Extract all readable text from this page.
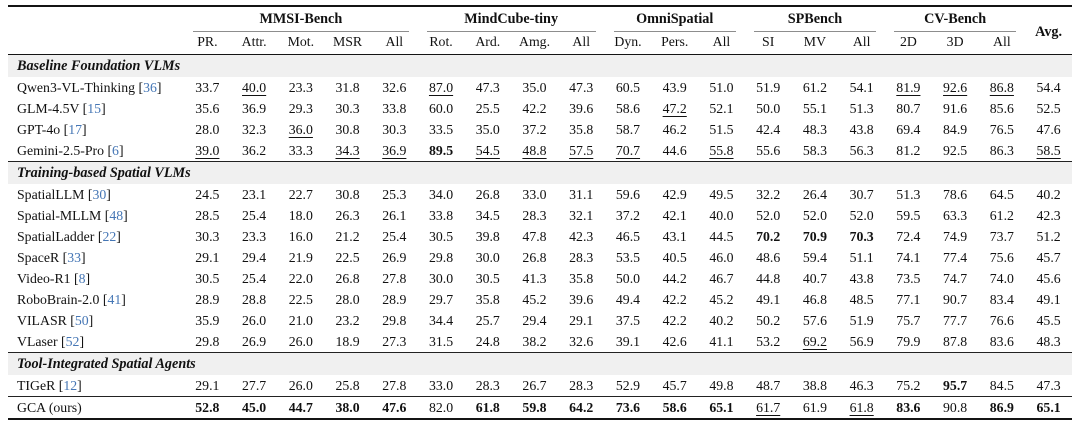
	MMSI-Bench					MindCube-tiny				OmniSpatial			SPBench			CV-Bench			Avg.
	PR.	Attr.	Mot.	MSR	All	Rot.	Ard.	Amg.	All	Dyn.	Pers.	All	SI	MV	All	2D	3D	All	
Baseline Foundation VLMs																			
Qwen3-VL-Thinking [36]	33.7	40.0	23.3	31.8	32.6	87.0	47.3	35.0	47.3	60.5	43.9	51.0	51.9	61.2	54.1	81.9	92.6	86.8	54.4
GLM-4.5V [15]	35.6	36.9	29.3	30.3	33.8	60.0	25.5	42.2	39.6	58.6	47.2	52.1	50.0	55.1	51.3	80.7	91.6	85.6	52.5
GPT-4o [17]	28.0	32.3	36.0	30.8	30.3	33.5	35.0	37.2	35.8	58.7	46.2	51.5	42.4	48.3	43.8	69.4	84.9	76.5	47.6
Gemini-2.5-Pro [6]	39.0	36.2	33.3	34.3	36.9	89.5	54.5	48.8	57.5	70.7	44.6	55.8	55.6	58.3	56.3	81.2	92.5	86.3	58.5
Training-based Spatial VLMs																			
SpatialLLM [30]	24.5	23.1	22.7	30.8	25.3	34.0	26.8	33.0	31.1	59.6	42.9	49.5	32.2	26.4	30.7	51.3	78.6	64.5	40.2
Spatial-MLLM [48]	28.5	25.4	18.0	26.3	26.1	33.8	34.5	28.3	32.1	37.2	42.1	40.0	52.0	52.0	52.0	59.5	63.3	61.2	42.3
SpatialLadder [22]	30.3	23.3	16.0	21.2	25.4	30.5	39.8	47.8	42.3	46.5	43.1	44.5	70.2	70.9	70.3	72.4	74.9	73.7	51.2
SpaceR [33]	29.1	29.4	21.9	22.5	26.9	29.8	30.0	26.8	28.3	53.5	40.5	46.0	48.6	59.4	51.1	74.1	77.4	75.6	45.7
Video-R1 [8]	30.5	25.4	22.0	26.8	27.8	30.0	30.5	41.3	35.8	50.0	44.2	46.7	44.8	40.7	43.8	73.5	74.7	74.0	45.6
RoboBrain-2.0 [41]	28.9	28.8	22.5	28.0	28.9	29.7	35.8	45.2	39.6	49.4	42.2	45.2	49.1	46.8	48.5	77.1	90.7	83.4	49.1
VILASR [50]	35.9	26.0	21.0	23.2	29.8	34.4	25.7	29.4	29.1	37.5	42.2	40.2	50.2	57.6	51.9	75.7	77.7	76.6	45.5
VLaser [52]	29.8	26.9	26.0	18.9	27.3	31.5	24.8	38.2	32.6	39.1	42.6	41.1	53.2	69.2	56.9	79.9	87.8	83.6	48.3
Tool-Integrated Spatial Agents																			
TIGeR [12]	29.1	27.7	26.0	25.8	27.8	33.0	28.3	26.7	28.3	52.9	45.7	49.8	48.7	38.8	46.3	75.2	95.7	84.5	47.3
GCA (ours)	52.8	45.0	44.7	38.0	47.6	82.0	61.8	59.8	64.2	73.6	58.6	65.1	61.7	61.9	61.8	83.6	90.8	86.9	65.1
